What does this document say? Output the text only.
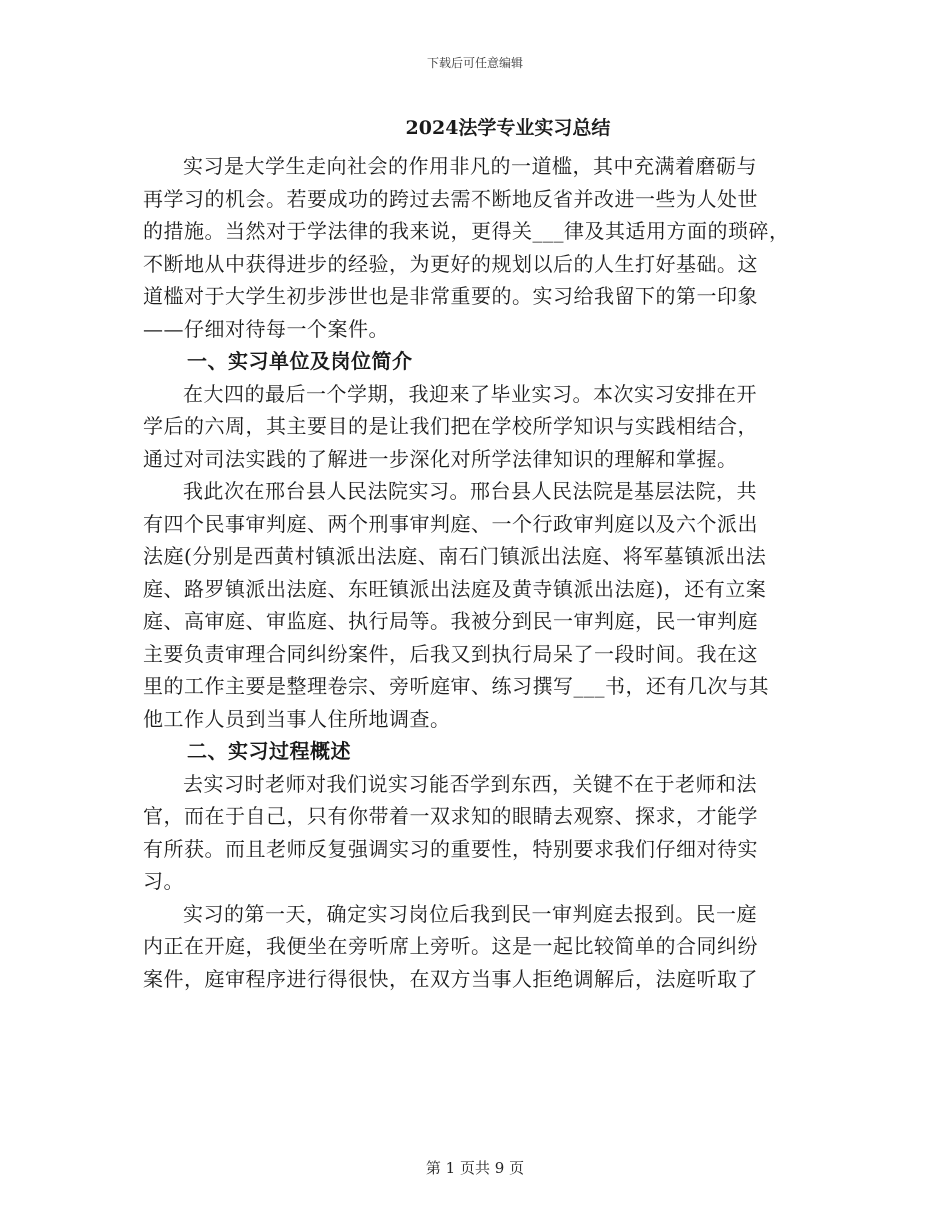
下载后可任意编辑
2024法学专业实习总结
实习是大学生走向社会的作用非凡的一道槛，其中充满着磨砺与
再学习的机会。若要成功的跨过去需不断地反省并改进一些为人处世
的措施。当然对于学法律的我来说，更得关___律及其适用方面的琐碎，
不断地从中获得进步的经验，为更好的规划以后的人生打好基础。这
道槛对于大学生初步涉世也是非常重要的。实习给我留下的第一印象
——仔细对待每一个案件。
一、实习单位及岗位简介
在大四的最后一个学期，我迎来了毕业实习。本次实习安排在开
学后的六周，其主要目的是让我们把在学校所学知识与实践相结合，
通过对司法实践的了解进一步深化对所学法律知识的理解和掌握。
我此次在邢台县人民法院实习。邢台县人民法院是基层法院，共
有四个民事审判庭、两个刑事审判庭、一个行政审判庭以及六个派出
法庭(分别是西黄村镇派出法庭、南石门镇派出法庭、将军墓镇派出法
庭、路罗镇派出法庭、东旺镇派出法庭及黄寺镇派出法庭)，还有立案
庭、高审庭、审监庭、执行局等。我被分到民一审判庭，民一审判庭
主要负责审理合同纠纷案件，后我又到执行局呆了一段时间。我在这
里的工作主要是整理卷宗、旁听庭审、练习撰写___书，还有几次与其
他工作人员到当事人住所地调查。
二、实习过程概述
去实习时老师对我们说实习能否学到东西，关键不在于老师和法
官，而在于自己，只有你带着一双求知的眼睛去观察、探求，才能学
有所获。而且老师反复强调实习的重要性，特别要求我们仔细对待实
习。
实习的第一天，确定实习岗位后我到民一审判庭去报到。民一庭
内正在开庭，我便坐在旁听席上旁听。这是一起比较简单的合同纠纷
案件，庭审程序进行得很快，在双方当事人拒绝调解后，法庭听取了
第 1 页共 9 页
